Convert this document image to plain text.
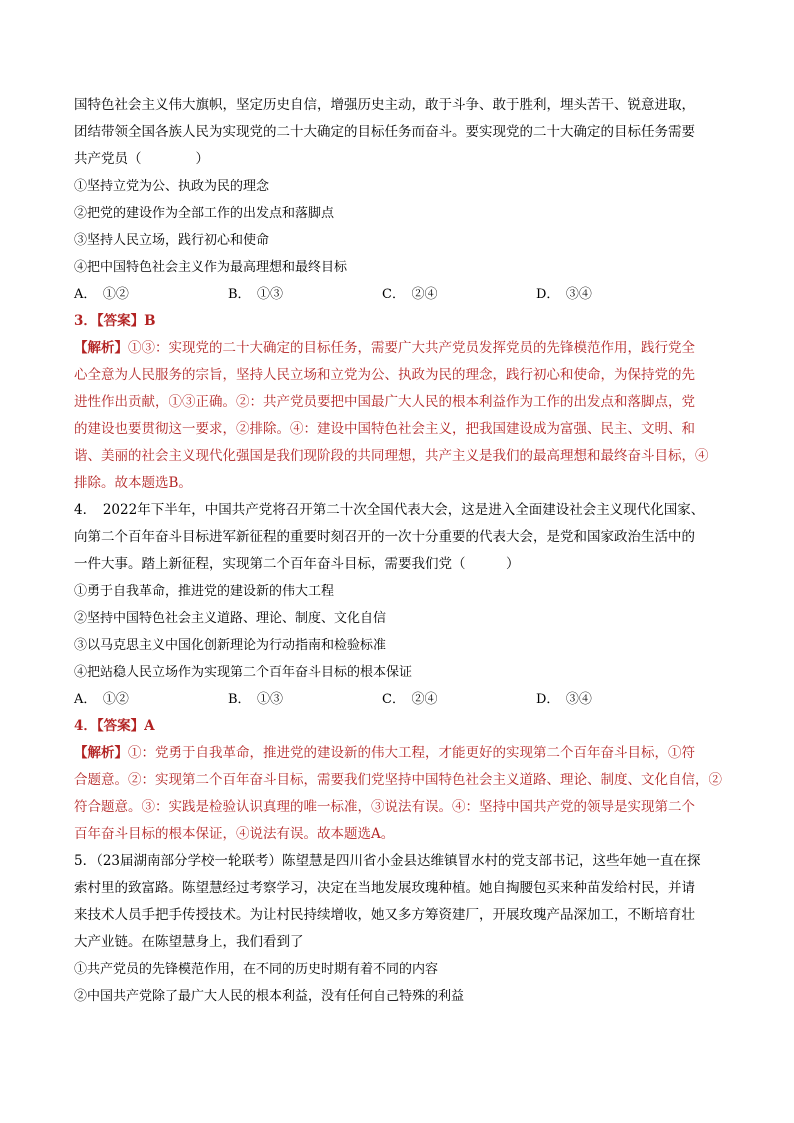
国特色社会主义伟大旗帜，坚定历史自信，增强历史主动，敢于斗争、敢于胜利，埋头苦干、锐意进取，
团结带领全国各族人民为实现党的二十大确定的目标任务而奋斗。要实现党的二十大确定的目标任务需要
共产党员（　　　　）
①坚持立党为公、执政为民的理念
②把党的建设作为全部工作的出发点和落脚点
③坚持人民立场，践行初心和使命
④把中国特色社会主义作为最高理想和最终目标
A．　①②	B．　①③	C．　②④	D．　③④
3．【答案】B
【解析】①③：实现党的二十大确定的目标任务，需要广大共产党员发挥党员的先锋模范作用，践行党全
心全意为人民服务的宗旨，坚持人民立场和立党为公、执政为民的理念，践行初心和使命，为保持党的先
进性作出贡献，①③正确。②：共产党员要把中国最广大人民的根本利益作为工作的出发点和落脚点，党
的建设也要贯彻这一要求，②排除。④：建设中国特色社会主义，把我国建设成为富强、民主、文明、和
谐、美丽的社会主义现代化强国是我们现阶段的共同理想，共产主义是我们的最高理想和最终奋斗目标，④
排除。故本题选B。
4．　2022年下半年，中国共产党将召开第二十次全国代表大会，这是进入全面建设社会主义现代化国家、
向第二个百年奋斗目标进军新征程的重要时刻召开的一次十分重要的代表大会，是党和国家政治生活中的
一件大事。踏上新征程，实现第二个百年奋斗目标，需要我们党（　　　）
①勇于自我革命，推进党的建设新的伟大工程
②坚持中国特色社会主义道路、理论、制度、文化自信
③以马克思主义中国化创新理论为行动指南和检验标准
④把站稳人民立场作为实现第二个百年奋斗目标的根本保证
A．　①②	B．　①③	C．　②④	D．　③④
4．【答案】A
【解析】①：党勇于自我革命，推进党的建设新的伟大工程，才能更好的实现第二个百年奋斗目标，①符
合题意。②：实现第二个百年奋斗目标，需要我们党坚持中国特色社会主义道路、理论、制度、文化自信，②
符合题意。③：实践是检验认识真理的唯一标准，③说法有误。④：坚持中国共产党的领导是实现第二个
百年奋斗目标的根本保证，④说法有误。故本题选A。
5．（23届湖南部分学校一轮联考）陈望慧是四川省小金县达维镇冒水村的党支部书记，这些年她一直在探
索村里的致富路。陈望慧经过考察学习，决定在当地发展玫瑰种植。她自掏腰包买来种苗发给村民，并请
来技术人员手把手传授技术。为让村民持续增收，她又多方筹资建厂，开展玫瑰产品深加工，不断培育壮
大产业链。在陈望慧身上，我们看到了
①共产党员的先锋模范作用，在不同的历史时期有着不同的内容
②中国共产党除了最广大人民的根本利益，没有任何自己特殊的利益
